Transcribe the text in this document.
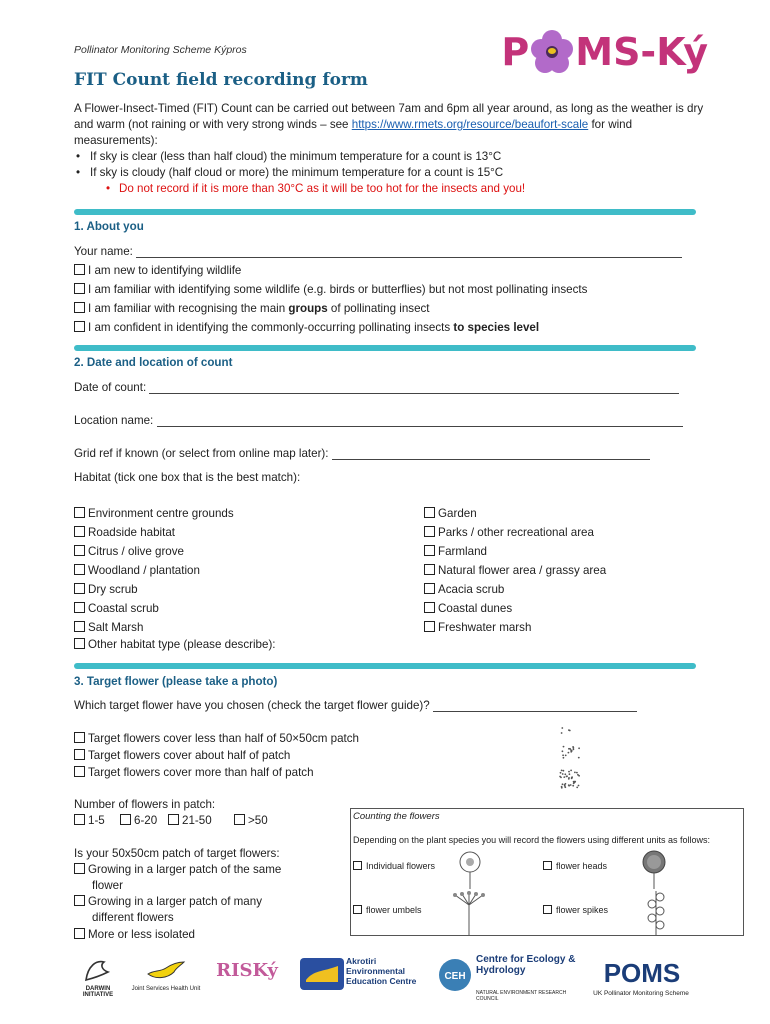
Pollinator Monitoring Scheme Kýpros	P MS-Ký
FIT Count field recording form
A Flower-Insect-Timed (FIT) Count can be carried out between 7am and 6pm all year around, as long as the weather is dry and warm (not raining or with very strong winds – see https://www.rmets.org/resource/beaufort-scale for wind measurements):
• If sky is clear (less than half cloud) the minimum temperature for a count is 13°C
• If sky is cloudy (half cloud or more) the minimum temperature for a count is 15°C
• Do not record if it is more than 30°C as it will be too hot for the insects and you!
1. About you
Your name:
I am new to identifying wildlife
I am familiar with identifying some wildlife (e.g. birds or butterflies) but not most pollinating insects
I am familiar with recognising the main groups of pollinating insect
I am confident in identifying the commonly-occurring pollinating insects to species level
2. Date and location of count
Date of count:
Location name:
Grid ref if known (or select from online map later):
Habitat (tick one box that is the best match):
Environment centre grounds
Roadside habitat
Citrus / olive grove
Woodland / plantation
Dry scrub
Coastal scrub
Salt Marsh
Garden
Parks / other recreational area
Farmland
Natural flower area / grassy area
Acacia scrub
Coastal dunes
Freshwater marsh
Other habitat type (please describe):
3. Target flower (please take a photo)
Which target flower have you chosen (check the target flower guide)?
Target flowers cover less than half of 50×50cm patch
Target flowers cover about half of patch
Target flowers cover more than half of patch
Number of flowers in patch:
1-5	6-20	21-50	>50
Is your 50x50cm patch of target flowers:
Growing in a larger patch of the same
flower
Growing in a larger patch of many
different flowers
More or less isolated
Counting the flowers
Depending on the plant species you will record the flowers using different units as follows:
Individual flowers	flower heads
flower umbels	flower spikes
DARWIN INITIATIVE
Joint Services Health Unit
RISKý	Akrotiri Environmental Education Centre	CEH
Centre for Ecology & Hydrology
NATURAL ENVIRONMENT RESEARCH COUNCIL
POMS
UK Pollinator Monitoring Scheme
